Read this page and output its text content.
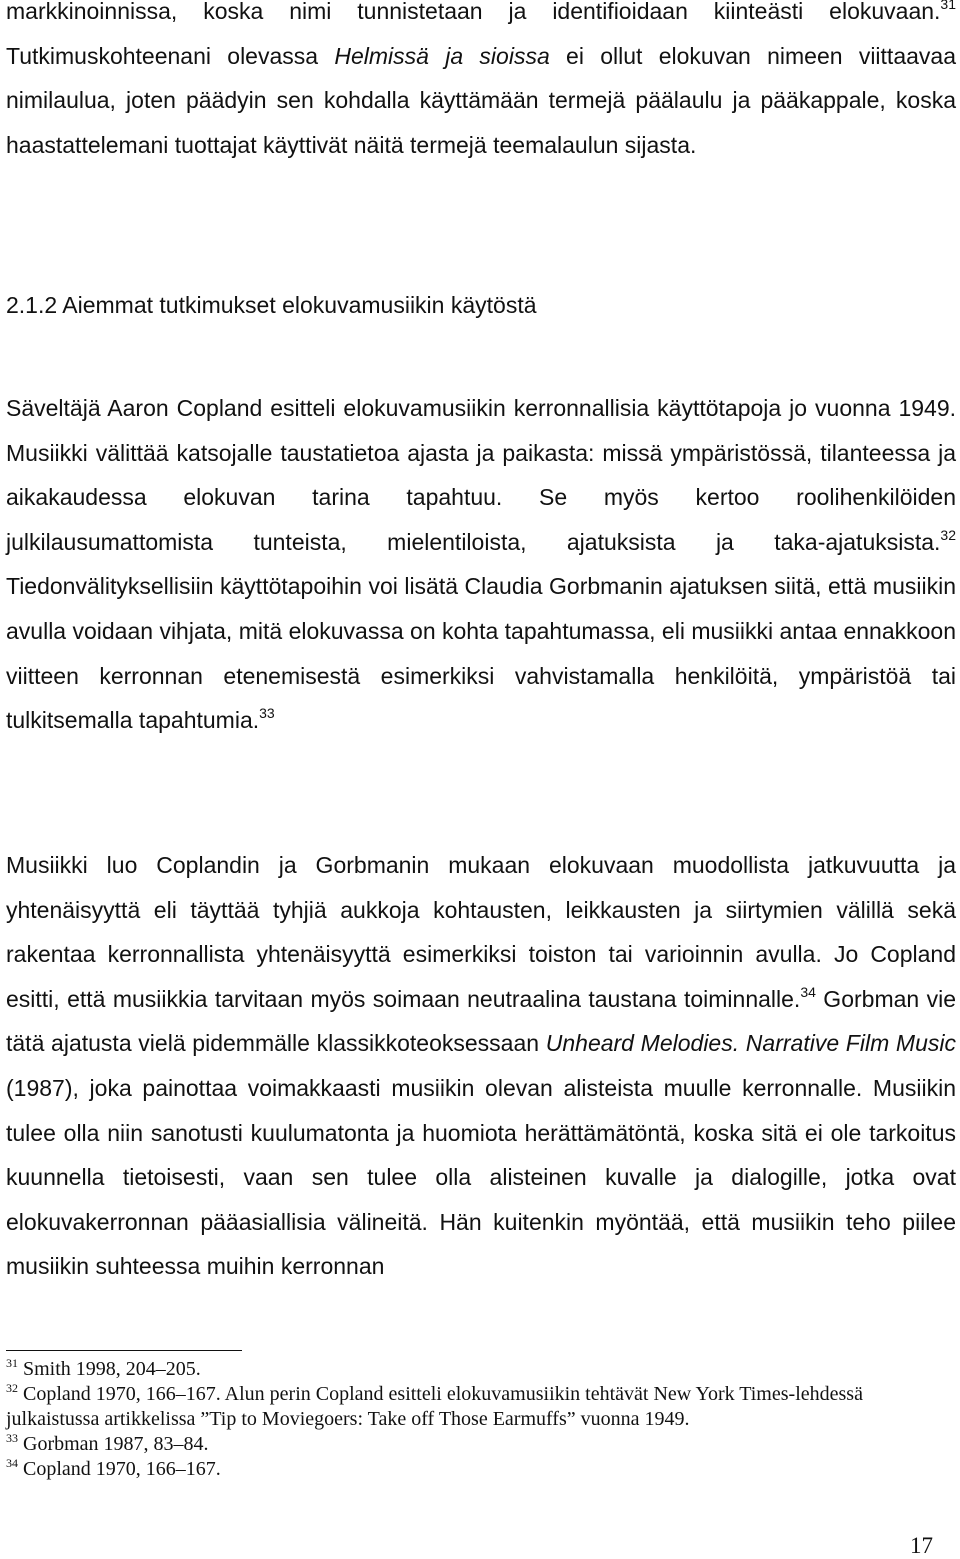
markkinoinnissa, koska nimi tunnistetaan ja identifioidaan kiinteästi elokuvaan.$^{31}$ Tutkimuskohteenani olevassa Helmissä ja sioissa ei ollut elokuvan nimeen viittaavaa nimilaulua, joten päädyin sen kohdalla käyttämään termejä päälaulu ja pääkappale, koska haastattelemani tuottajat käyttivät näitä termejä teemalaulun sijasta.

2.1.2 Aiemmat tutkimukset elokuvamusiikin käytöstä

Säveltäjä Aaron Copland esitteli elokuvamusiikin kerronnallisia käyttötapoja jo vuonna 1949. Musiikki välittää katsojalle taustatietoa ajasta ja paikasta: missä ympäristössä, tilanteessa ja aikakaudessa elokuvan tarina tapahtuu. Se myös kertoo roolihenkilöiden julkilausumattomista tunteista, mielentiloista, ajatuksista ja taka-ajatuksista.$^{32}$ Tiedonvälityksellisiin käyttötapoihin voi lisätä Claudia Gorbmanin ajatuksen siitä, että musiikin avulla voidaan vihjata, mitä elokuvassa on kohta tapahtumassa, eli musiikki antaa ennakkoon viitteen kerronnan etenemisestä esimerkiksi vahvistamalla henkilöitä, ympäristöä tai tulkitsemalla tapahtumia.$^{33}$

Musiikki luo Coplandin ja Gorbmanin mukaan elokuvaan muodollista jatkuvuutta ja yhtenäisyyttä eli täyttää tyhjiä aukkoja kohtausten, leikkausten ja siirtymien välillä sekä rakentaa kerronnallista yhtenäisyyttä esimerkiksi toiston tai varioinnin avulla. Jo Copland esitti, että musiikkia tarvitaan myös soimaan neutraalina taustana toiminnalle.$^{34}$ Gorbman vie tätä ajatusta vielä pidemmälle klassikkoteoksessaan Unheard Melodies. Narrative Film Music (1987), joka painottaa voimakkaasti musiikin olevan alisteista muulle kerronnalle. Musiikin tulee olla niin sanotusti kuulumatonta ja huomiota herättämätöntä, koska sitä ei ole tarkoitus kuunnella tietoisesti, vaan sen tulee olla alisteinen kuvalle ja dialogille, jotka ovat elokuvakerronnan pääasiallisia välineitä. Hän kuitenkin myöntää, että musiikin teho piilee musiikin suhteessa muihin kerronnan

$^{31}$ Smith 1998, 204–205.

$^{32}$ Copland 1970, 166–167. Alun perin Copland esitteli elokuvamusiikin tehtävät New York Times-lehdessä julkaistussa artikkelissa ”Tip to Moviegoers: Take off Those Earmuffs” vuonna 1949.

$^{33}$ Gorbman 1987, 83–84.

$^{34}$ Copland 1970, 166–167.

17
